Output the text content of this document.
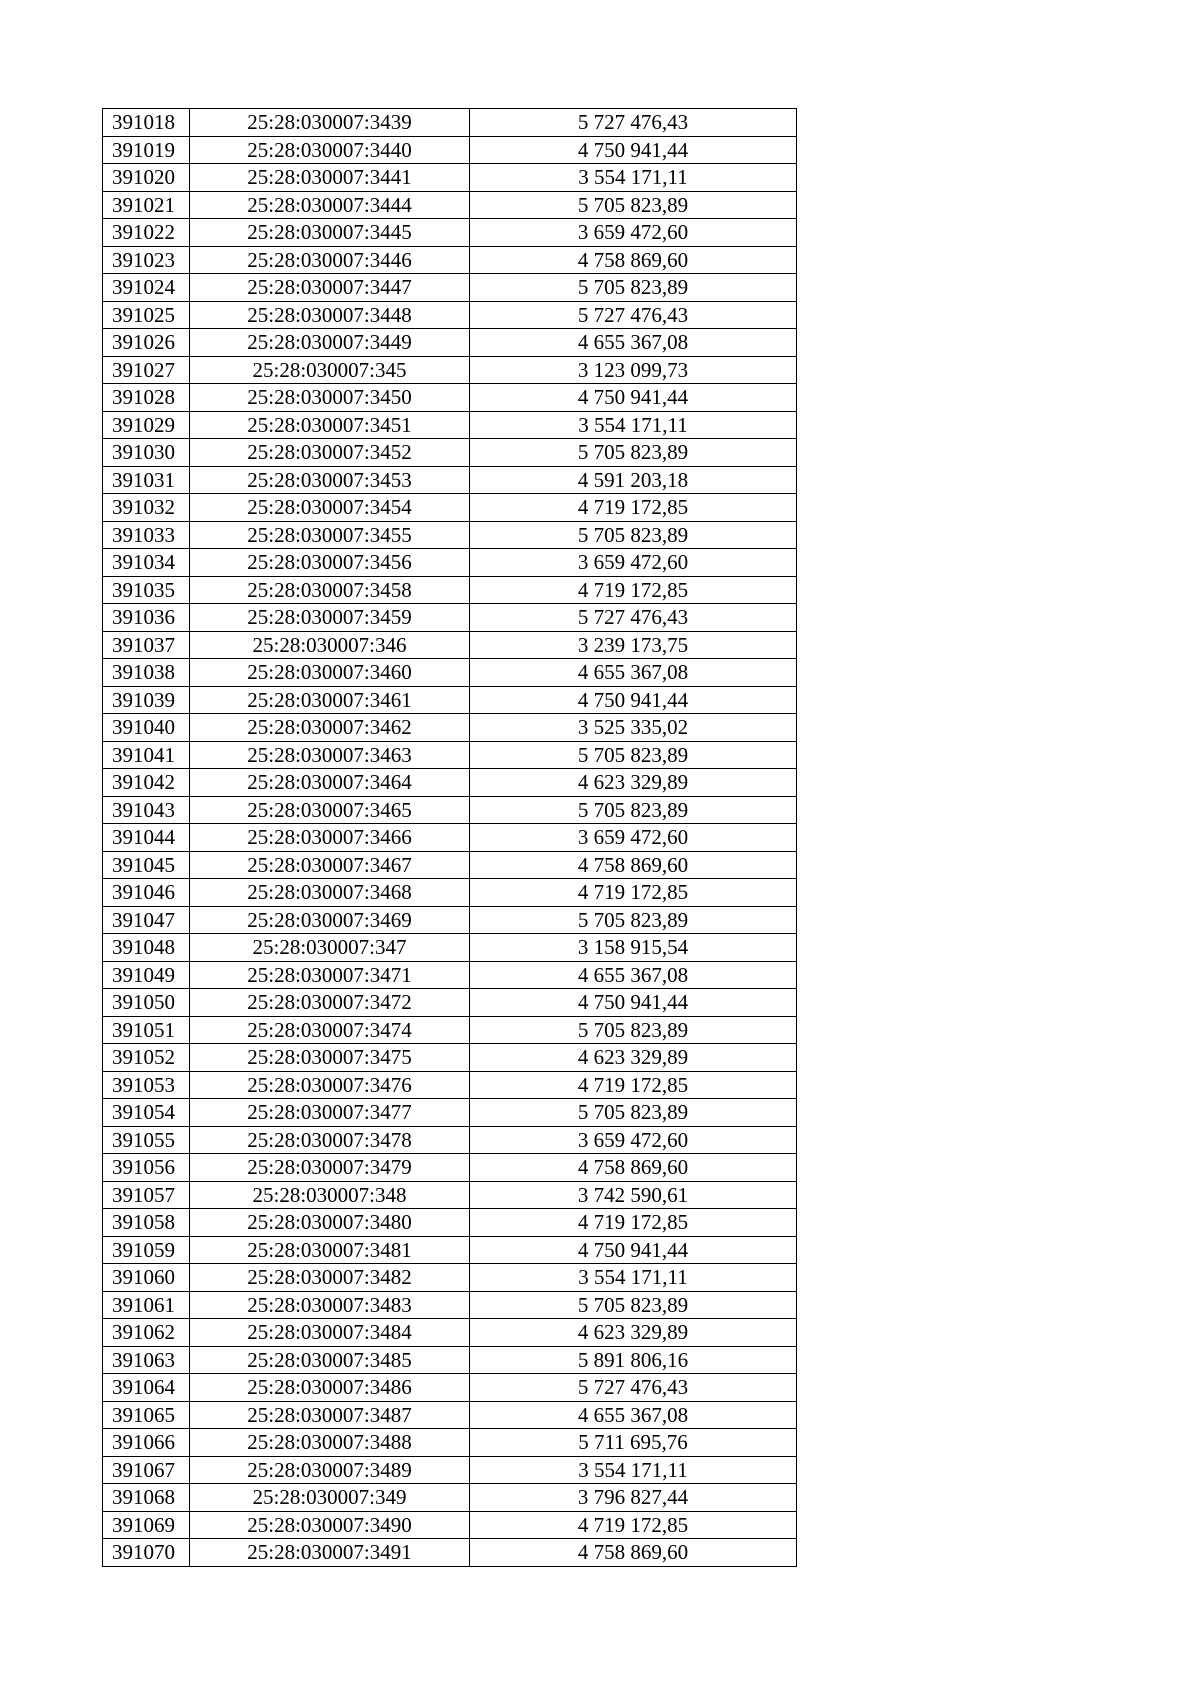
391018	25:28:030007:3439	5 727 476,43
391019	25:28:030007:3440	4 750 941,44
391020	25:28:030007:3441	3 554 171,11
391021	25:28:030007:3444	5 705 823,89
391022	25:28:030007:3445	3 659 472,60
391023	25:28:030007:3446	4 758 869,60
391024	25:28:030007:3447	5 705 823,89
391025	25:28:030007:3448	5 727 476,43
391026	25:28:030007:3449	4 655 367,08
391027	25:28:030007:345	3 123 099,73
391028	25:28:030007:3450	4 750 941,44
391029	25:28:030007:3451	3 554 171,11
391030	25:28:030007:3452	5 705 823,89
391031	25:28:030007:3453	4 591 203,18
391032	25:28:030007:3454	4 719 172,85
391033	25:28:030007:3455	5 705 823,89
391034	25:28:030007:3456	3 659 472,60
391035	25:28:030007:3458	4 719 172,85
391036	25:28:030007:3459	5 727 476,43
391037	25:28:030007:346	3 239 173,75
391038	25:28:030007:3460	4 655 367,08
391039	25:28:030007:3461	4 750 941,44
391040	25:28:030007:3462	3 525 335,02
391041	25:28:030007:3463	5 705 823,89
391042	25:28:030007:3464	4 623 329,89
391043	25:28:030007:3465	5 705 823,89
391044	25:28:030007:3466	3 659 472,60
391045	25:28:030007:3467	4 758 869,60
391046	25:28:030007:3468	4 719 172,85
391047	25:28:030007:3469	5 705 823,89
391048	25:28:030007:347	3 158 915,54
391049	25:28:030007:3471	4 655 367,08
391050	25:28:030007:3472	4 750 941,44
391051	25:28:030007:3474	5 705 823,89
391052	25:28:030007:3475	4 623 329,89
391053	25:28:030007:3476	4 719 172,85
391054	25:28:030007:3477	5 705 823,89
391055	25:28:030007:3478	3 659 472,60
391056	25:28:030007:3479	4 758 869,60
391057	25:28:030007:348	3 742 590,61
391058	25:28:030007:3480	4 719 172,85
391059	25:28:030007:3481	4 750 941,44
391060	25:28:030007:3482	3 554 171,11
391061	25:28:030007:3483	5 705 823,89
391062	25:28:030007:3484	4 623 329,89
391063	25:28:030007:3485	5 891 806,16
391064	25:28:030007:3486	5 727 476,43
391065	25:28:030007:3487	4 655 367,08
391066	25:28:030007:3488	5 711 695,76
391067	25:28:030007:3489	3 554 171,11
391068	25:28:030007:349	3 796 827,44
391069	25:28:030007:3490	4 719 172,85
391070	25:28:030007:3491	4 758 869,60
